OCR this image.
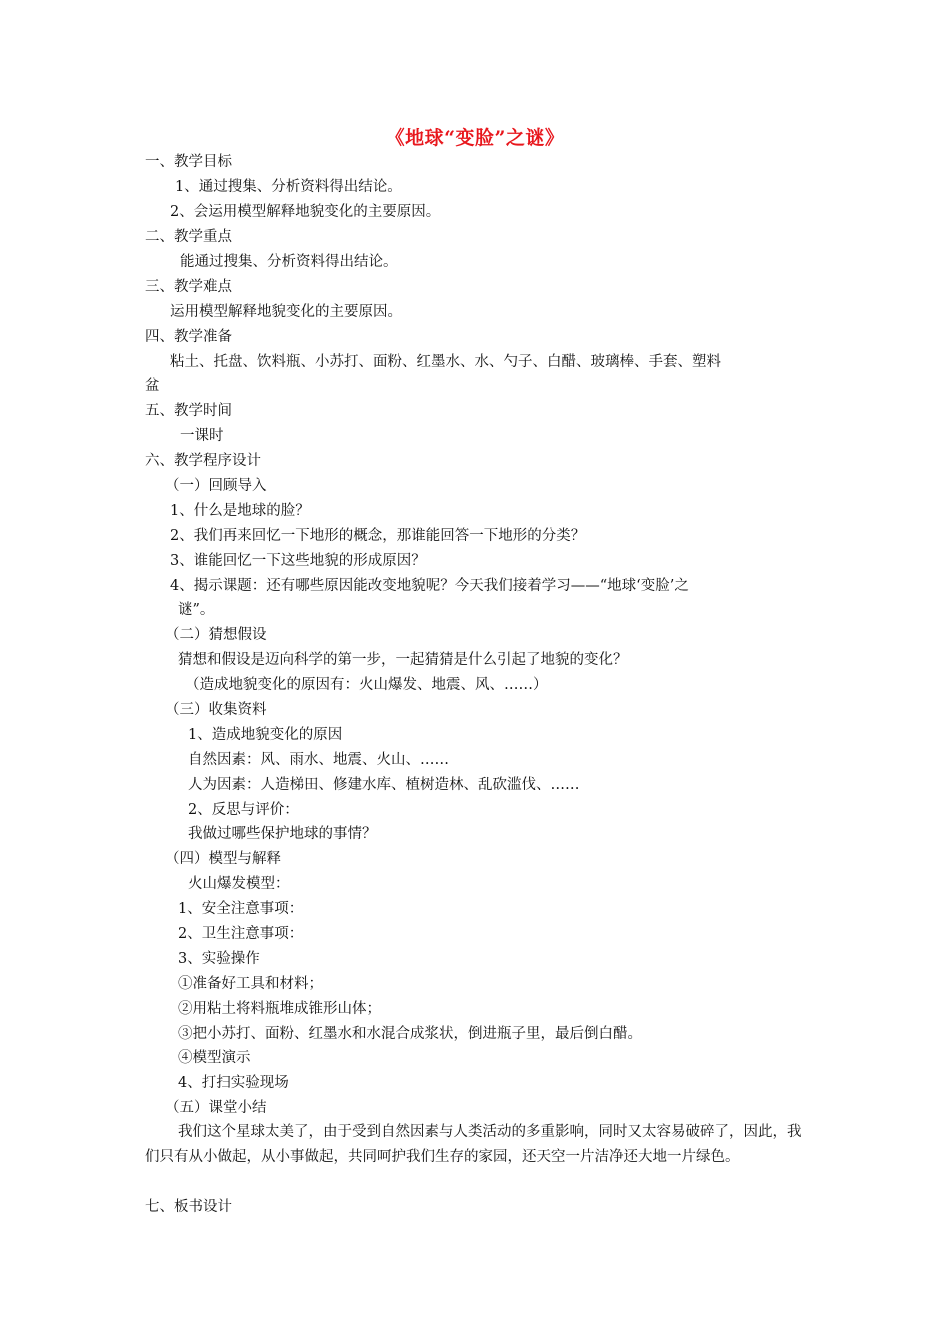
《地球“变脸”之谜》
一、教学目标
1、通过搜集、分析资料得出结论。
2、会运用模型解释地貌变化的主要原因。
二、教学重点
能通过搜集、分析资料得出结论。
三、教学难点
运用模型解释地貌变化的主要原因。
四、教学准备
粘土、托盘、饮料瓶、小苏打、面粉、红墨水、水、勺子、白醋、玻璃棒、手套、塑料
盆
五、教学时间
一课时
六、教学程序设计
（一）回顾导入
1、什么是地球的脸？
2、我们再来回忆一下地形的概念，那谁能回答一下地形的分类？
3、谁能回忆一下这些地貌的形成原因？
4、揭示课题：还有哪些原因能改变地貌呢？今天我们接着学习——“地球‘变脸’之
谜”。
（二）猜想假设
猜想和假设是迈向科学的第一步，一起猜猜是什么引起了地貌的变化？
（造成地貌变化的原因有：火山爆发、地震、风、……）
（三）收集资料
1、造成地貌变化的原因
自然因素：风、雨水、地震、火山、……
人为因素：人造梯田、修建水库、植树造林、乱砍滥伐、……
2、反思与评价：
我做过哪些保护地球的事情？
（四）模型与解释
火山爆发模型：
1、安全注意事项：
2、卫生注意事项：
3、实验操作
①准备好工具和材料；
②用粘土将料瓶堆成锥形山体；
③把小苏打、面粉、红墨水和水混合成浆状，倒进瓶子里，最后倒白醋。
④模型演示
4、打扫实验现场
（五）课堂小结
我们这个星球太美了，由于受到自然因素与人类活动的多重影响，同时又太容易破碎了，因此，我们只有从小做起，从小事做起，共同呵护我们生存的家园，还天空一片洁净还大地一片绿色。
七、板书设计
